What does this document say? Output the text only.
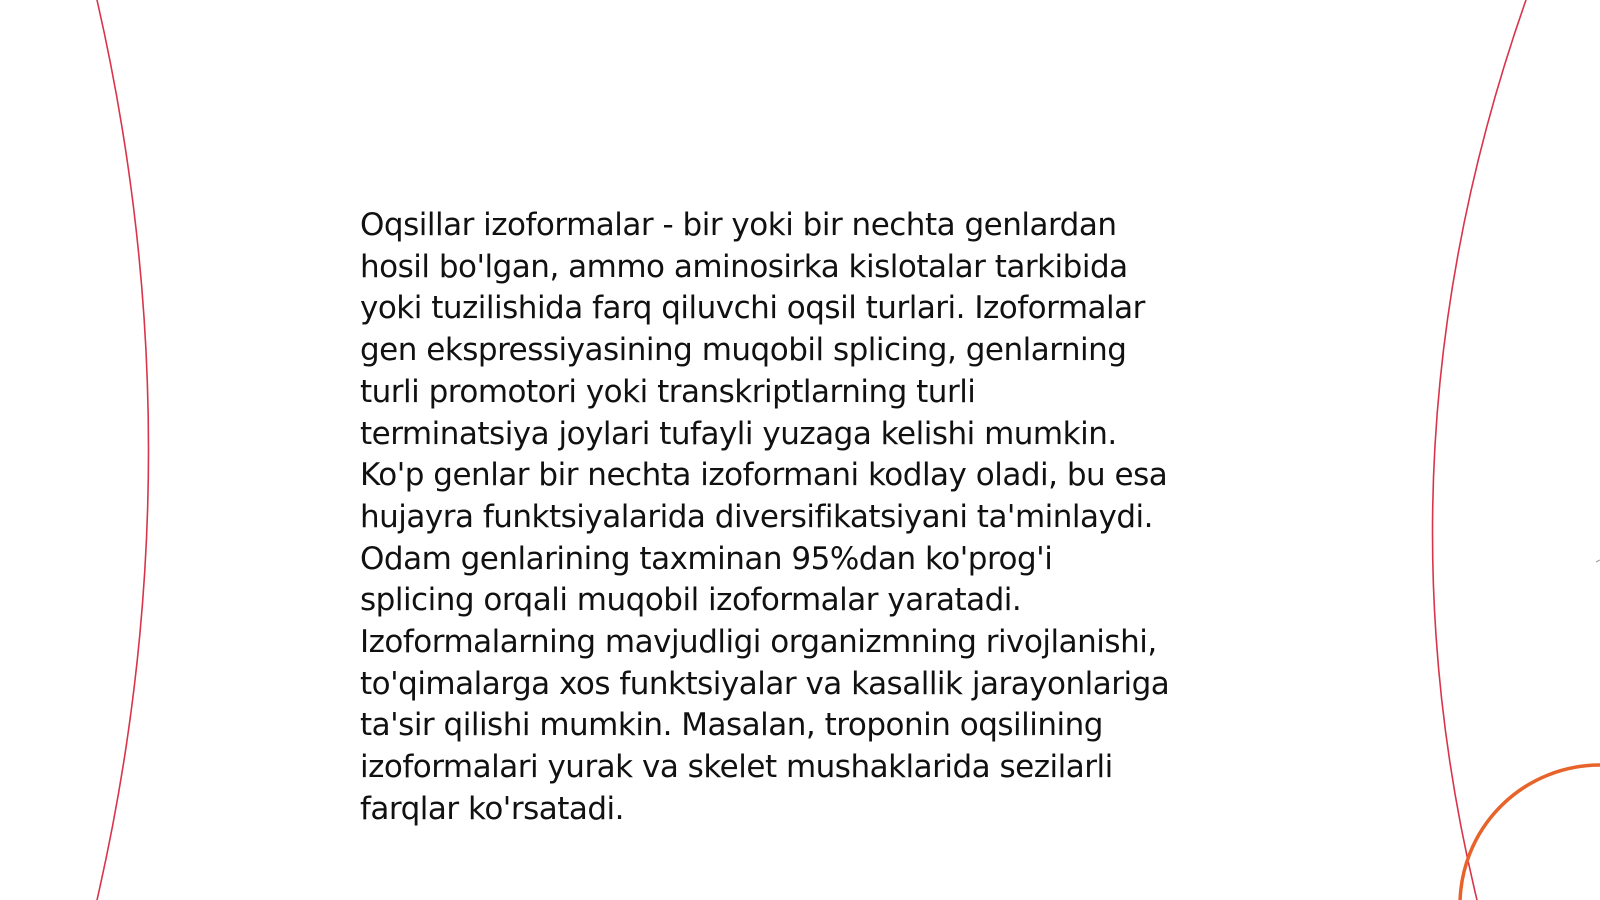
Oqsillar izoformalar - bir yoki bir nechta genlardan
hosil bo'lgan, ammo aminosirka kislotalar tarkibida
yoki tuzilishida farq qiluvchi oqsil turlari. Izoformalar
gen ekspressiyasining muqobil splicing, genlarning
turli promotori yoki transkriptlarning turli
terminatsiya joylari tufayli yuzaga kelishi mumkin.
Ko'p genlar bir nechta izoformani kodlay oladi, bu esa
hujayra funktsiyalarida diversifikatsiyani ta'minlaydi.
Odam genlarining taxminan 95%dan ko'prog'i
splicing orqali muqobil izoformalar yaratadi.
Izoformalarning mavjudligi organizmning rivojlanishi,
to'qimalarga xos funktsiyalar va kasallik jarayonlariga
ta'sir qilishi mumkin. Masalan, troponin oqsilining
izoformalari yurak va skelet mushaklarida sezilarli
farqlar ko'rsatadi.
